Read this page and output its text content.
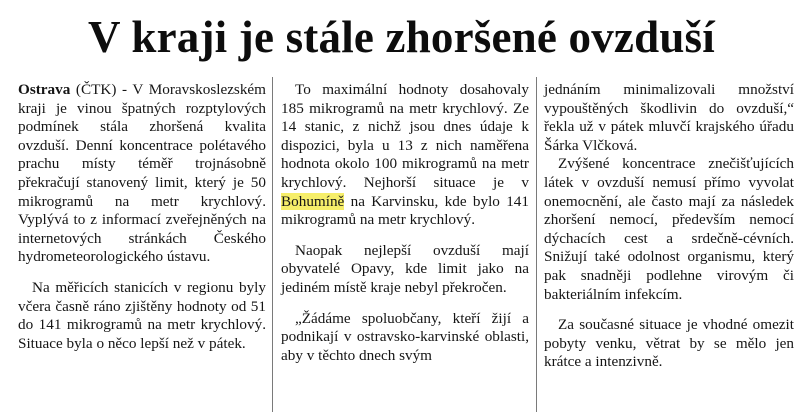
V kraji je stále zhoršené ovzduší

Ostrava (ČTK) - V Moravskoslezském kraji je vinou špatných rozptylových podmínek stála zhoršená kvalita ovzduší. Denní koncentrace polétavého prachu místy téměř trojnásobně překračují stanovený limit, který je 50 mikrogramů na metr krychlový. Vyplývá to z informací zveřejněných na internetových stránkách Českého hydrometeorologického ústavu.

Na měřicích stanicích v regionu byly včera časně ráno zjištěny hodnoty od 51 do 141 mikrogramů na metr krychlový. Situace byla o něco lepší než v pátek.

To maximální hodnoty dosahovaly 185 mikrogramů na metr krychlový. Ze 14 stanic, z nichž jsou dnes údaje k dispozici, byla u 13 z nich naměřena hodnota okolo 100 mikrogramů na metr krychlový. Nejhorší situace je v Bohumíně na Karvinsku, kde bylo 141 mikrogramů na metr krychlový.

Naopak nejlepší ovzduší mají obyvatelé Opavy, kde limit jako na jediném místě kraje nebyl překročen.

„Žádáme spoluobčany, kteří žijí a podnikají v ostravsko-karvinské oblasti, aby v těchto dnech svým

jednáním minimalizovali množství vypouštěných škodlivin do ovzduší,“ řekla už v pátek mluvčí krajského úřadu Šárka Vlčková.

Zvýšené koncentrace znečišťujících látek v ovzduší nemusí přímo vyvolat onemocnění, ale často mají za následek zhoršení nemocí, především nemocí dýchacích cest a srdečně-cévních. Snižují také odolnost organismu, který pak snadněji podlehne virovým či bakteriálním infekcím.

Za současné situace je vhodné omezit pobyty venku, větrat by se mělo jen krátce a intenzivně.
